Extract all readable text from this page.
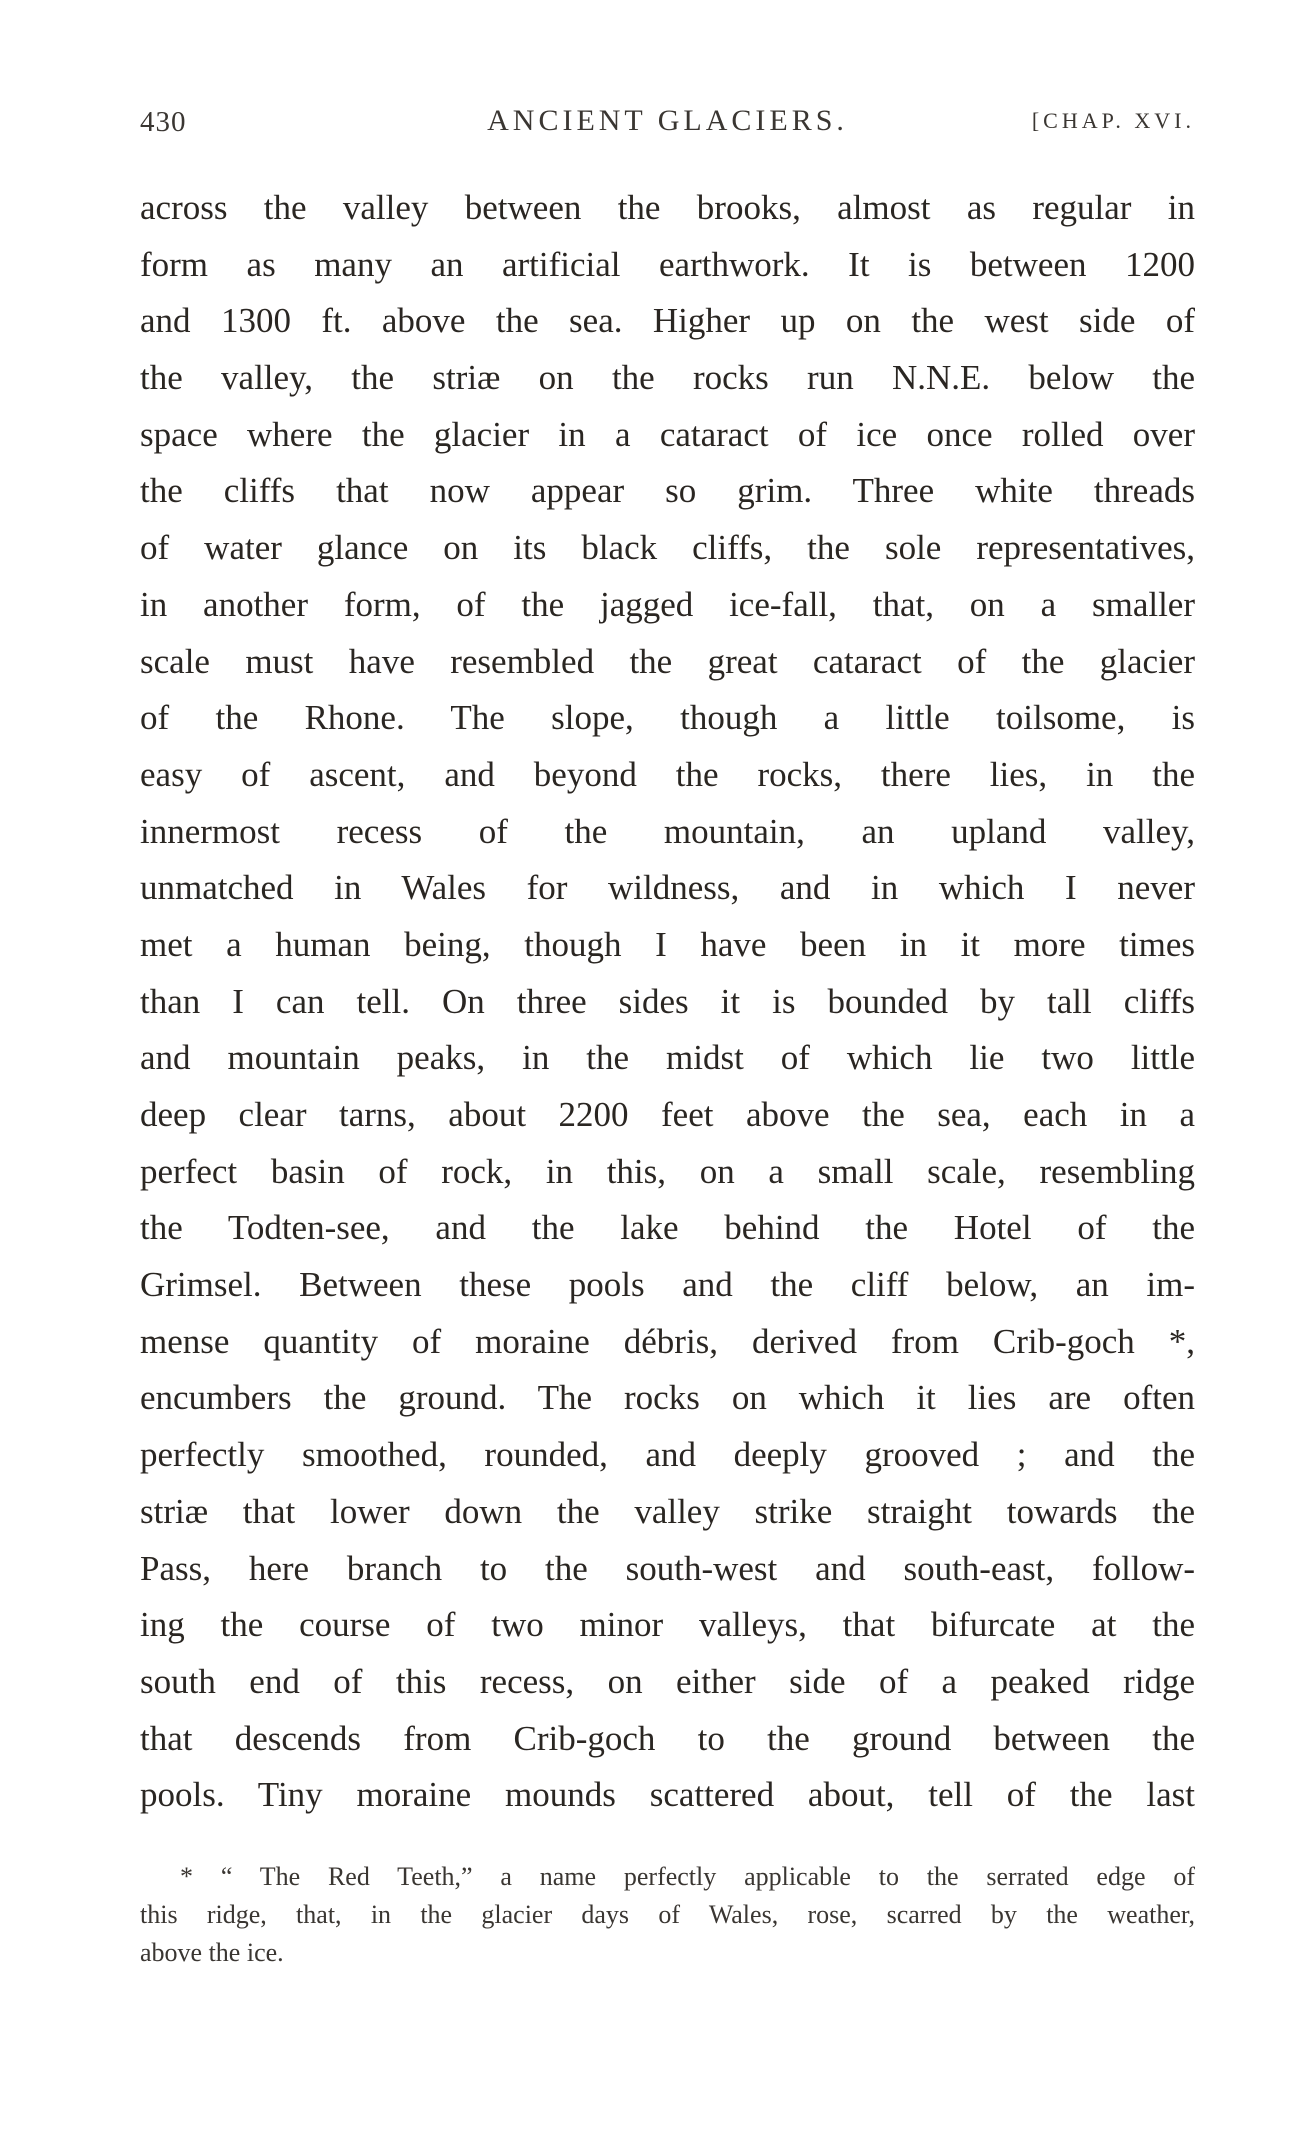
430	ANCIENT GLACIERS.	[CHAP. XVI.
across the valley between the brooks, almost as regular in
form as many an artificial earthwork. It is between 1200
and 1300 ft. above the sea. Higher up on the west side of
the valley, the striæ on the rocks run N.N.E. below the
space where the glacier in a cataract of ice once rolled over
the cliffs that now appear so grim. Three white threads
of water glance on its black cliffs, the sole representatives,
in another form, of the jagged ice-fall, that, on a smaller
scale must have resembled the great cataract of the glacier
of the Rhone. The slope, though a little toilsome, is
easy of ascent, and beyond the rocks, there lies, in the
innermost recess of the mountain, an upland valley,
unmatched in Wales for wildness, and in which I never
met a human being, though I have been in it more times
than I can tell. On three sides it is bounded by tall cliffs
and mountain peaks, in the midst of which lie two little
deep clear tarns, about 2200 feet above the sea, each in a
perfect basin of rock, in this, on a small scale, resembling
the Todten-see, and the lake behind the Hotel of the
Grimsel. Between these pools and the cliff below, an im-
mense quantity of moraine débris, derived from Crib-goch *,
encumbers the ground. The rocks on which it lies are often
perfectly smoothed, rounded, and deeply grooved ; and the
striæ that lower down the valley strike straight towards the
Pass, here branch to the south-west and south-east, follow-
ing the course of two minor valleys, that bifurcate at the
south end of this recess, on either side of a peaked ridge
that descends from Crib-goch to the ground between the
pools. Tiny moraine mounds scattered about, tell of the last
* “ The Red Teeth,” a name perfectly applicable to the serrated edge of
this ridge, that, in the glacier days of Wales, rose, scarred by the weather,
above the ice.
